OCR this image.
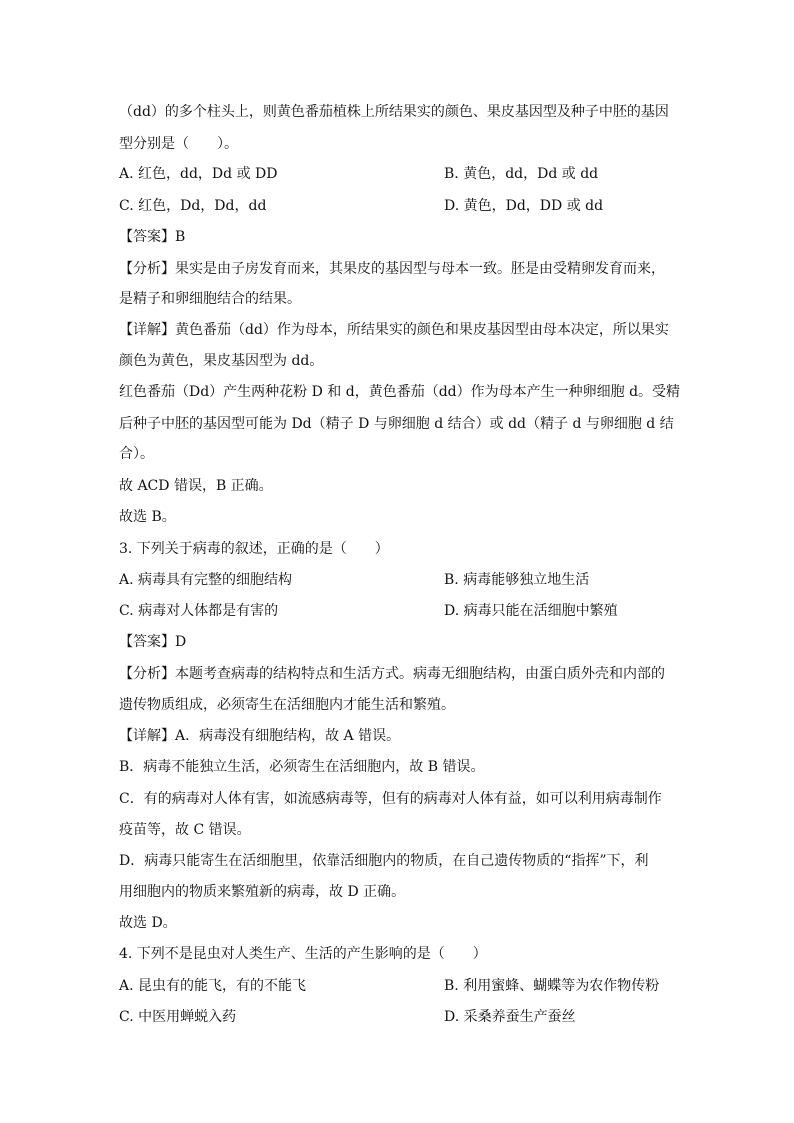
（dd）的多个柱头上，则黄色番茄植株上所结果实的颜色、果皮基因型及种子中胚的基因
型分别是（　　）。
A. 红色，dd，Dd 或 DD	B. 黄色，dd，Dd 或 dd
C. 红色，Dd，Dd，dd	D. 黄色，Dd，DD 或 dd
【答案】B
【分析】果实是由子房发育而来，其果皮的基因型与母本一致。胚是由受精卵发育而来，
是精子和卵细胞结合的结果。
【详解】黄色番茄（dd）作为母本，所结果实的颜色和果皮基因型由母本决定，所以果实
颜色为黄色，果皮基因型为 dd。
红色番茄（Dd）产生两种花粉 D 和 d，黄色番茄（dd）作为母本产生一种卵细胞 d。受精
后种子中胚的基因型可能为 Dd（精子 D 与卵细胞 d 结合）或 dd（精子 d 与卵细胞 d 结
合）。
故 ACD 错误，B 正确。
故选 B。
3. 下列关于病毒的叙述，正确的是（　　）
A. 病毒具有完整的细胞结构	B. 病毒能够独立地生活
C. 病毒对人体都是有害的	D. 病毒只能在活细胞中繁殖
【答案】D
【分析】本题考查病毒的结构特点和生活方式。病毒无细胞结构，由蛋白质外壳和内部的
遗传物质组成，必须寄生在活细胞内才能生活和繁殖。
【详解】A．病毒没有细胞结构，故 A 错误。
B．病毒不能独立生活，必须寄生在活细胞内，故 B 错误。
C．有的病毒对人体有害，如流感病毒等，但有的病毒对人体有益，如可以利用病毒制作
疫苗等，故 C 错误。
D．病毒只能寄生在活细胞里，依靠活细胞内的物质，在自己遗传物质的“指挥”下，利
用细胞内的物质来繁殖新的病毒，故 D 正确。
故选 D。
4. 下列不是昆虫对人类生产、生活的产生影响的是（　　）
A. 昆虫有的能飞，有的不能飞	B. 利用蜜蜂、蝴蝶等为农作物传粉
C. 中医用蝉蜕入药	D. 采桑养蚕生产蚕丝
